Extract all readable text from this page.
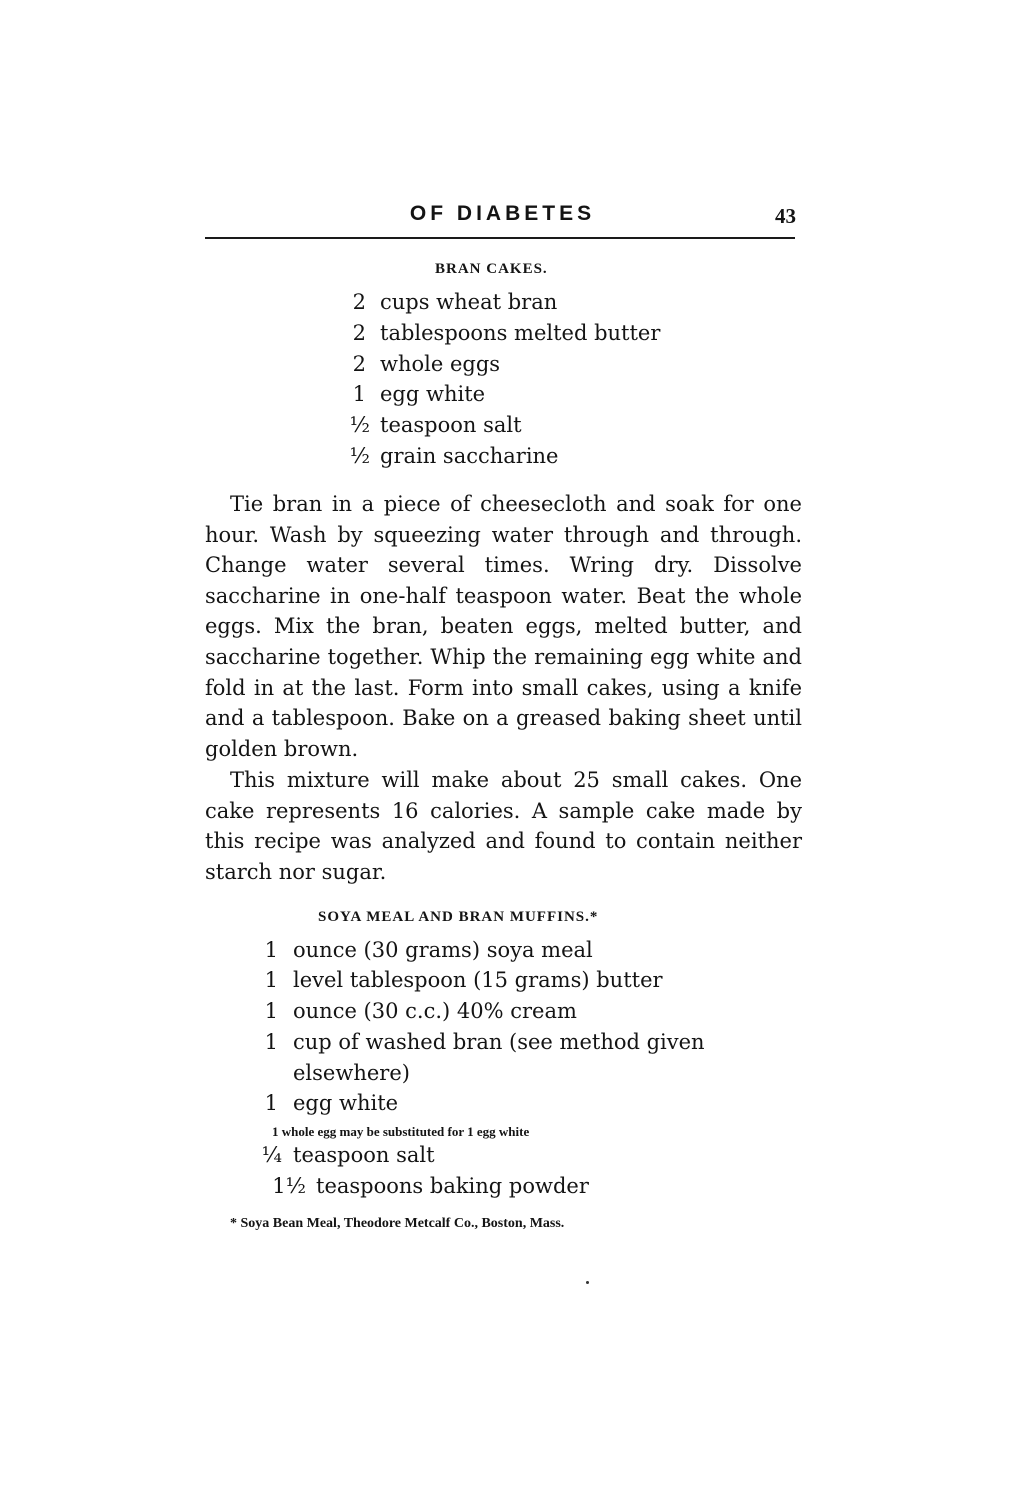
OF DIABETES	43
BRAN CAKES.
2 cups wheat bran
2 tablespoons melted butter
2 whole eggs
1 egg white
½ teaspoon salt
½ grain saccharine

Tie bran in a piece of cheesecloth and soak for one hour. Wash by squeezing water through and through. Change water several times. Wring dry. Dissolve saccharine in one-half teaspoon water. Beat the whole eggs. Mix the bran, beaten eggs, melted butter, and saccharine together. Whip the remaining egg white and fold in at the last. Form into small cakes, using a knife and a tablespoon. Bake on a greased baking sheet until golden brown.

This mixture will make about 25 small cakes. One cake represents 16 calories. A sample cake made by this recipe was analyzed and found to contain neither starch nor sugar.

SOYA MEAL AND BRAN MUFFINS.*
1 ounce (30 grams) soya meal
1 level tablespoon (15 grams) butter
1 ounce (30 c.c.) 40% cream
1 cup of washed bran (see method given
elsewhere)
1 egg white
1 whole egg may be substituted for 1 egg white
¼ teaspoon salt
1½ teaspoons baking powder
* Soya Bean Meal, Theodore Metcalf Co., Boston, Mass.
